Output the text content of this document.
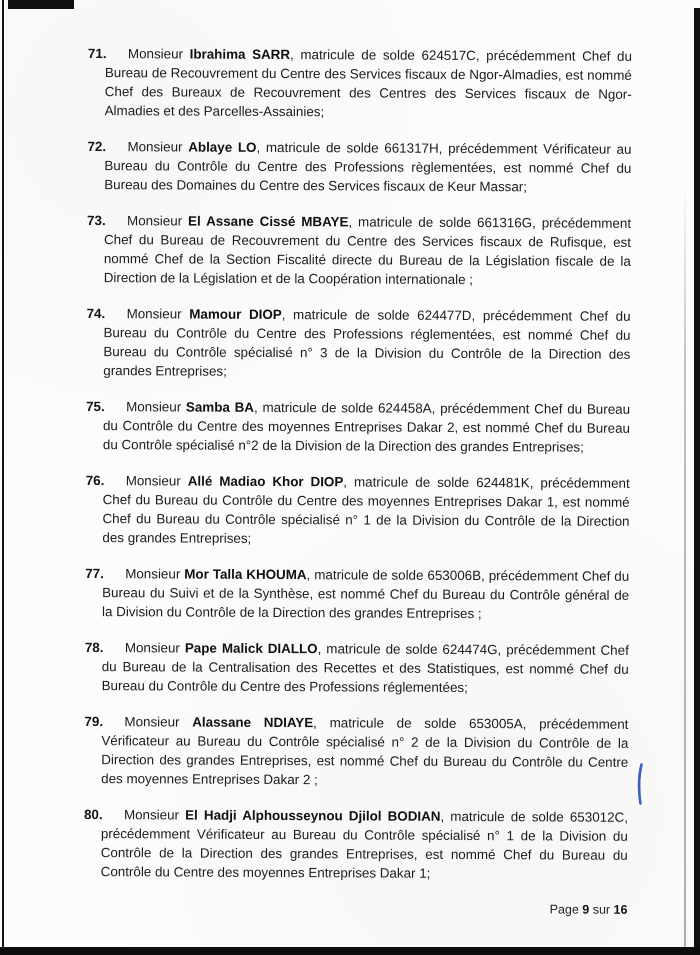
71.	Monsieur Ibrahima SARR, matricule de solde 624517C, précédemment Chef du Bureau de Recouvrement du Centre des Services fiscaux de Ngor-Almadies, est nommé Chef des Bureaux de Recouvrement des Centres des Services fiscaux de Ngor-Almadies et des Parcelles-Assainies;

72.	Monsieur Ablaye LO, matricule de solde 661317H, précédemment Vérificateur au Bureau du Contrôle du Centre des Professions règlementées, est nommé Chef du Bureau des Domaines du Centre des Services fiscaux de Keur Massar;

73.	Monsieur El Assane Cissé MBAYE, matricule de solde 661316G, précédemment Chef du Bureau de Recouvrement du Centre des Services fiscaux de Rufisque, est nommé Chef de la Section Fiscalité directe du Bureau de la Législation fiscale de la Direction de la Législation et de la Coopération internationale ;

74.	Monsieur Mamour DIOP, matricule de solde 624477D, précédemment Chef du Bureau du Contrôle du Centre des Professions réglementées, est nommé Chef du Bureau du Contrôle spécialisé n° 3 de la Division du Contrôle de la Direction des grandes Entreprises;

75.	Monsieur Samba BA, matricule de solde 624458A, précédemment Chef du Bureau du Contrôle du Centre des moyennes Entreprises Dakar 2, est nommé Chef du Bureau du Contrôle spécialisé n°2 de la Division de la Direction des grandes Entreprises;

76.	Monsieur Allé Madiao Khor DIOP, matricule de solde 624481K, précédemment Chef du Bureau du Contrôle du Centre des moyennes Entreprises Dakar 1, est nommé Chef du Bureau du Contrôle spécialisé n° 1 de la Division du Contrôle de la Direction des grandes Entreprises;

77.	Monsieur Mor Talla KHOUMA, matricule de solde 653006B, précédemment Chef du Bureau du Suivi et de la Synthèse, est nommé Chef du Bureau du Contrôle général de la Division du Contrôle de la Direction des grandes Entreprises ;

78.	Monsieur Pape Malick DIALLO, matricule de solde 624474G, précédemment Chef du Bureau de la Centralisation des Recettes et des Statistiques, est nommé Chef du Bureau du Contrôle du Centre des Professions réglementées;

79.	Monsieur Alassane NDIAYE, matricule de solde 653005A, précédemment Vérificateur au Bureau du Contrôle spécialisé n° 2 de la Division du Contrôle de la Direction des grandes Entreprises, est nommé Chef du Bureau du Contrôle du Centre des moyennes Entreprises Dakar 2 ;

80.	Monsieur El Hadji Alphousseynou Djilol BODIAN, matricule de solde 653012C, précédemment Vérificateur au Bureau du Contrôle spécialisé n° 1 de la Division du Contrôle de la Direction des grandes Entreprises, est nommé Chef du Bureau du Contrôle du Centre des moyennes Entreprises Dakar 1;

Page 9 sur 16
